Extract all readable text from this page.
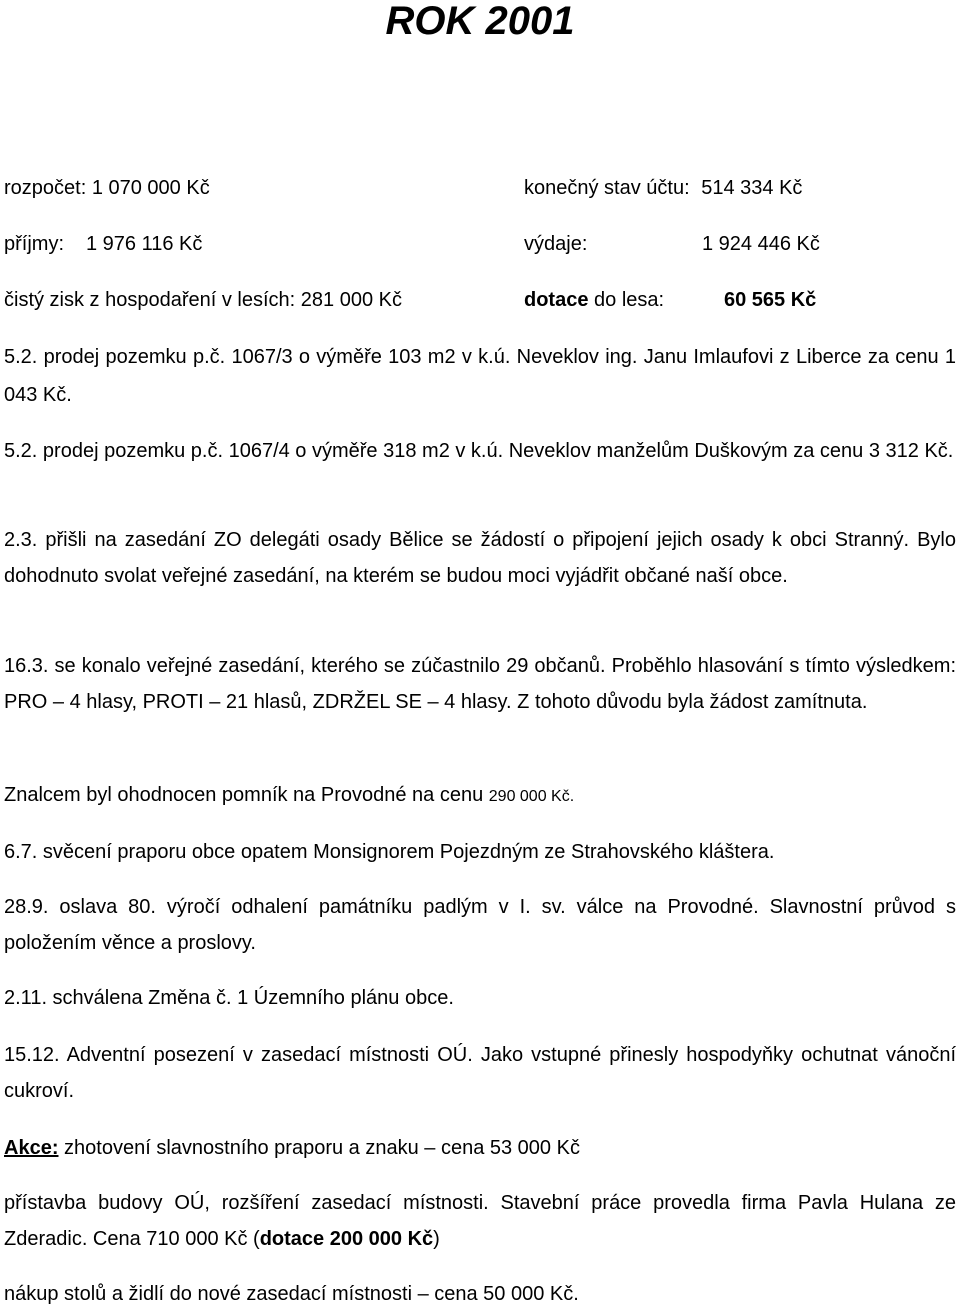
ROK 2001
rozpočet: 1 070 000 Kč	konečný stav účtu: 514 334 Kč
příjmy: 1 976 116 Kč	výdaje:	1 924 446 Kč
čistý zisk z hospodaření v lesích: 281 000 Kč	dotace do lesa:	60 565 Kč

5.2. prodej pozemku p.č. 1067/3 o výměře 103 m2 v k.ú. Neveklov ing. Janu Imlaufovi z Liberce za cenu 1 043 Kč.

5.2. prodej pozemku p.č. 1067/4 o výměře 318 m2 v k.ú. Neveklov manželům Duškovým za cenu 3 312 Kč.

2.3. přišli na zasedání ZO delegáti osady Bělice se žádostí o připojení jejich osady k obci Stranný. Bylo dohodnuto svolat veřejné zasedání, na kterém se budou moci vyjádřit občané naší obce.

16.3. se konalo veřejné zasedání, kterého se zúčastnilo 29 občanů. Proběhlo hlasování s tímto výsledkem: PRO – 4 hlasy, PROTI – 21 hlasů, ZDRŽEL SE – 4 hlasy. Z tohoto důvodu byla žádost zamítnuta.

Znalcem byl ohodnocen pomník na Provodné na cenu 290 000 Kč.

6.7. svěcení praporu obce opatem Monsignorem Pojezdným ze Strahovského kláštera.

28.9. oslava 80. výročí odhalení památníku padlým v I. sv. válce na Provodné. Slavnostní průvod s položením věnce a proslovy.

2.11. schválena Změna č. 1 Územního plánu obce.

15.12. Adventní posezení v zasedací místnosti OÚ. Jako vstupné přinesly hospodyňky ochutnat vánoční cukroví.

Akce: zhotovení slavnostního praporu a znaku – cena 53 000 Kč

přístavba budovy OÚ, rozšíření zasedací místnosti. Stavební práce provedla firma Pavla Hulana ze Zderadic. Cena 710 000 Kč (dotace 200 000 Kč)

nákup stolů a židlí do nové zasedací místnosti – cena 50 000 Kč.
